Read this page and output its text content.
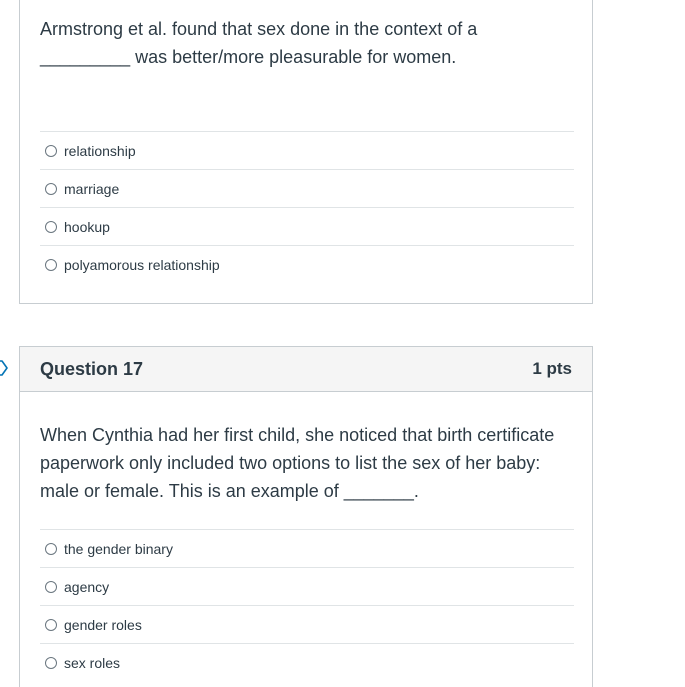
Armstrong et al. found that sex done in the context of a
_________ was better/more pleasurable for women.
relationship
marriage
hookup
polyamorous relationship
Question 17	1 pts
When Cynthia had her first child, she noticed that birth certificate paperwork only included two options to list the sex of her baby: male or female. This is an example of _______.
the gender binary
agency
gender roles
sex roles
